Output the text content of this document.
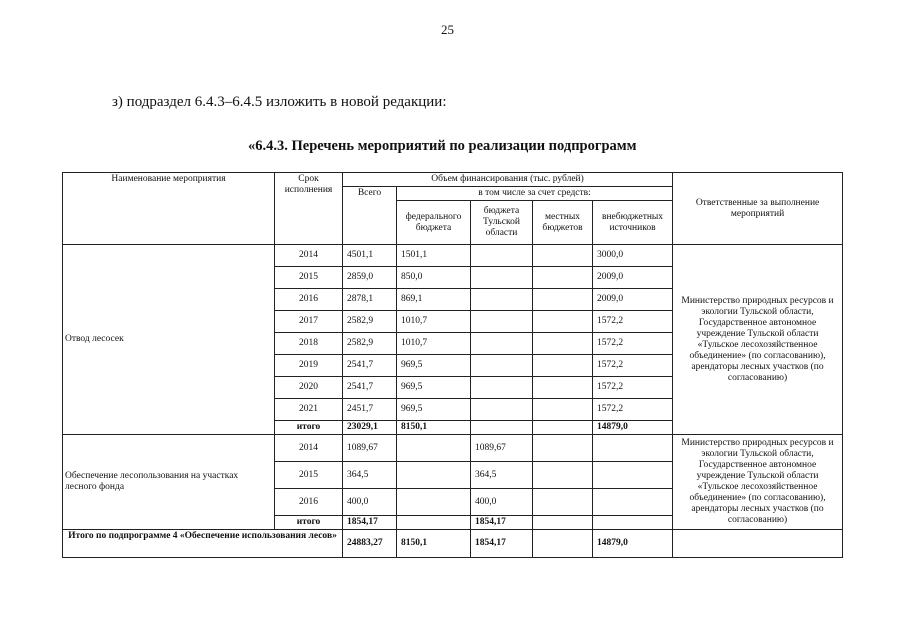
25
з) подраздел 6.4.3–6.4.5 изложить в новой редакции:
«6.4.3. Перечень мероприятий по реализации подпрограмм
Наименование мероприятия	Срок исполнения	Объем финансирования (тыс. рублей)					Ответственные за выполнение мероприятий
		Всего	в том числе за счет средств:				
			федерального бюджета	бюджета Тульской области	местных бюджетов	внебюджетных источников	
Отвод лесосек	2014	4501,1	1501,1			3000,0	Министерство природных ресурсов и экологии Тульской области, Государственное автономное учреждение Тульской области «Тульское лесохозяйственное объединение» (по согласованию), арендаторы лесных участков (по согласованию)
	2015	2859,0	850,0			2009,0	
	2016	2878,1	869,1			2009,0	
	2017	2582,9	1010,7			1572,2	
	2018	2582,9	1010,7			1572,2	
	2019	2541,7	969,5			1572,2	
	2020	2541,7	969,5			1572,2	
	2021	2451,7	969,5			1572,2	
	итого	23029,1	8150,1			14879,0	
Обеспечение лесопользования на участках лесного фонда	2014	1089,67		1089,67			Министерство природных ресурсов и экологии Тульской области, Государственное автономное учреждение Тульской области «Тульское лесохозяйственное объединение» (по согласованию), арендаторы лесных участков (по согласованию)
	2015	364,5		364,5			
	2016	400,0		400,0			
	итого	1854,17		1854,17			
Итого по подпрограмме 4 «Обеспечение использования лесов»		24883,27	8150,1	1854,17		14879,0	
